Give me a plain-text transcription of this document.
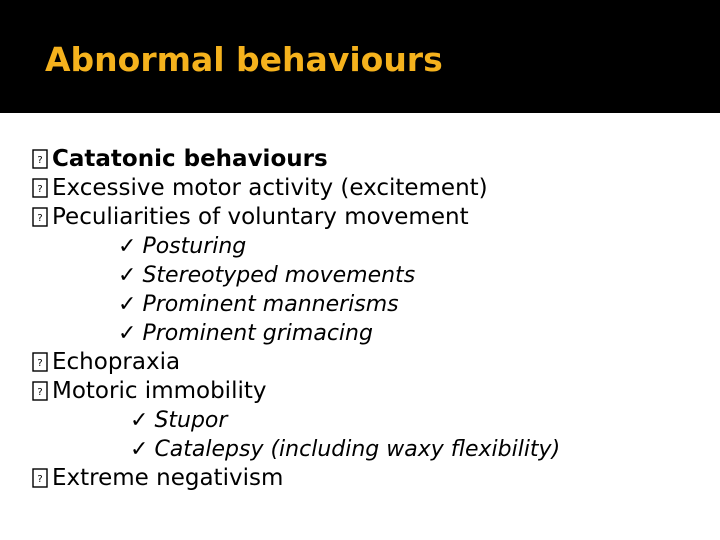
Abnormal behaviours
? Catatonic behaviours
? Excessive motor activity (excitement)
? Peculiarities of voluntary movement
✓ Posturing
✓ Stereotyped movements
✓ Prominent mannerisms
✓ Prominent grimacing
? Echopraxia
? Motoric immobility
✓ Stupor
✓ Catalepsy (including waxy flexibility)
? Extreme negativism
